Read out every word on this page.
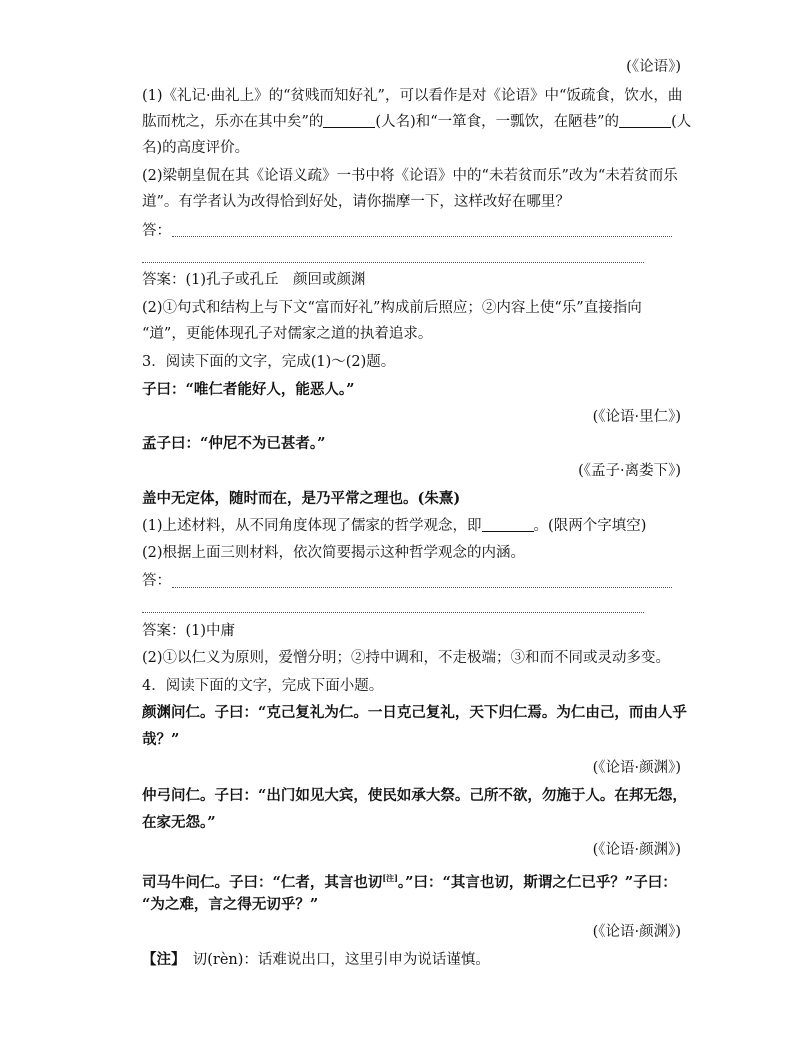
(《论语》)
(1)《礼记·曲礼上》的“贫贱而知好礼”，可以看作是对《论语》中“饭疏食，饮水，曲
肱而枕之，乐亦在其中矣”的	(人名)和“一箪食，一瓢饮，在陋巷”的	(人
名)的高度评价。
(2)梁朝皇侃在其《论语义疏》一书中将《论语》中的“未若贫而乐”改为“未若贫而乐
道”。有学者认为改得恰到好处，请你揣摩一下，这样改好在哪里？
答：
答案：(1)孔子或孔丘　颜回或颜渊
(2)①句式和结构上与下文“富而好礼”构成前后照应；②内容上使“乐”直接指向
“道”，更能体现孔子对儒家之道的执着追求。
3．阅读下面的文字，完成(1)～(2)题。
子曰：“唯仁者能好人，能恶人。”
(《论语·里仁》)
孟子曰：“仲尼不为已甚者。”
(《孟子·离娄下》)
盖中无定体，随时而在，是乃平常之理也。(朱熹)
(1)上述材料，从不同角度体现了儒家的哲学观念，即	。(限两个字填空)
(2)根据上面三则材料，依次简要揭示这种哲学观念的内涵。
答：
答案：(1)中庸
(2)①以仁义为原则，爱憎分明；②持中调和，不走极端；③和而不同或灵动多变。
4．阅读下面的文字，完成下面小题。
颜渊问仁。子曰：“克己复礼为仁。一日克己复礼，天下归仁焉。为仁由己，而由人乎
哉？”
(《论语·颜渊》)
仲弓问仁。子曰：“出门如见大宾，使民如承大祭。己所不欲，勿施于人。在邦无怨，
在家无怨。”
(《论语·颜渊》)
司马牛问仁。子曰：“仁者，其言也讱[注]。”曰：“其言也讱，斯谓之仁已乎？”子曰：
“为之难，言之得无讱乎？”
(《论语·颜渊》)
【注】　 讱(rèn)：话难说出口，这里引申为说话谨慎。
